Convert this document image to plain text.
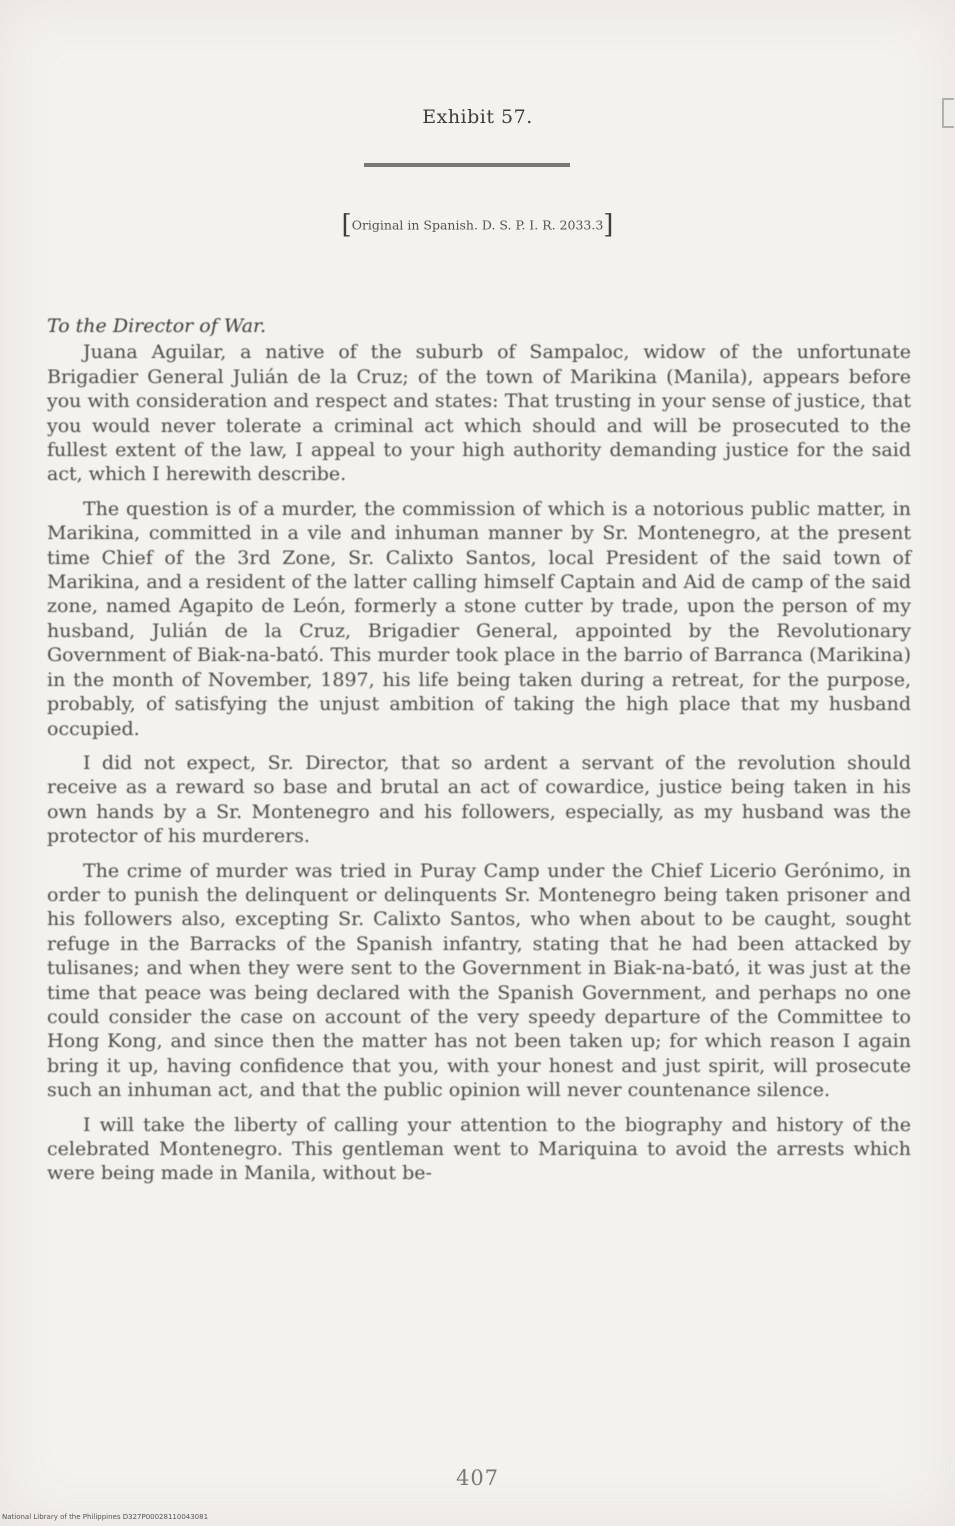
Exhibit 57.
[Original in Spanish. D. S. P. I. R. 2033.3]

To the Director of War.

Juana Aguilar, a native of the suburb of Sampaloc, widow of the unfortunate Brigadier General Julián de la Cruz; of the town of Marikina (Manila), appears before you with consideration and respect and states: That trusting in your sense of justice, that you would never tolerate a criminal act which should and will be prosecuted to the fullest extent of the law, I appeal to your high authority demanding justice for the said act, which I herewith describe.

The question is of a murder, the commission of which is a notorious public matter, in Marikina, committed in a vile and inhuman manner by Sr. Montenegro, at the present time Chief of the 3rd Zone, Sr. Calixto Santos, local President of the said town of Marikina, and a resident of the latter calling himself Captain and Aid de camp of the said zone, named Agapito de León, formerly a stone cutter by trade, upon the person of my husband, Julián de la Cruz, Brigadier General, appointed by the Revolutionary Government of Biak-na-bató. This murder took place in the barrio of Barranca (Marikina) in the month of November, 1897, his life being taken during a retreat, for the purpose, probably, of satisfying the unjust ambition of taking the high place that my husband occupied.

I did not expect, Sr. Director, that so ardent a servant of the revolution should receive as a reward so base and brutal an act of cowardice, justice being taken in his own hands by a Sr. Montenegro and his followers, especially, as my husband was the protector of his murderers.

The crime of murder was tried in Puray Camp under the Chief Licerio Gerónimo, in order to punish the delinquent or delinquents Sr. Montenegro being taken prisoner and his followers also, excepting Sr. Calixto Santos, who when about to be caught, sought refuge in the Barracks of the Spanish infantry, stating that he had been attacked by tulisanes; and when they were sent to the Government in Biak-na-bató, it was just at the time that peace was being declared with the Spanish Government, and perhaps no one could consider the case on account of the very speedy departure of the Committee to Hong Kong, and since then the matter has not been taken up; for which reason I again bring it up, having confidence that you, with your honest and just spirit, will prosecute such an inhuman act, and that the public opinion will never countenance silence.

I will take the liberty of calling your attention to the biography and history of the celebrated Montenegro. This gentleman went to Mariquina to avoid the arrests which were being made in Manila, without be-

407
National Library of the Philippines D327P00028110043081
